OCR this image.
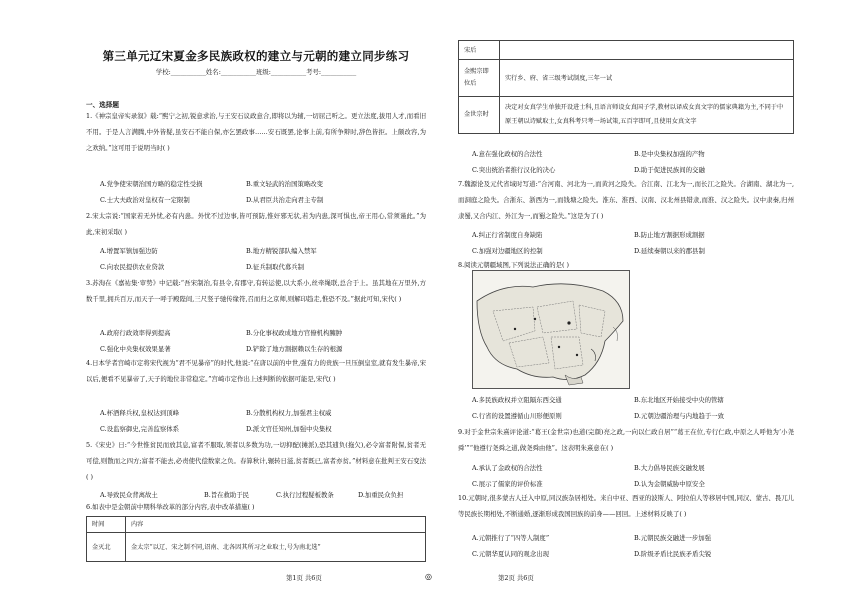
第三单元辽宋夏金多民族政权的建立与元朝的建立同步练习
学校:___________姓名:___________班级:___________考号:___________
一、选择题
1.《神宗皇帝实录叙》载:“熙宁之初,锐意求治,与王安石议政意合,即将以为辅,一切屈己听之。更立法度,拔用人才,而看旧不用。于是人言满腾,中外皆疑,虽安石不能自保,亦乞罢政事……安石既罢,论事上前,有所争辩时,辞色皆拒。上颇改容,为之欢纳。”这可用于说明当时( )
A.党争使宋朝治国方略的稳定性受损	B.重文轻武的治国策略改变
C.士大夫政治对皇权有一定限制	D.从君臣共治走向君主专制
2.宋太宗说:“国家若无外忧,必有内患。外忧不过边事,皆可预防,惟奸邪无状,若为内患,深可惧也,帝王用心,常须谨此。”为此,宋初采取( )
A.增置军镇加强边防	B.地方精锐部队编入禁军
C.向农民提供农业贷款	D.征兵制取代募兵制
3.苏洵在《嘉祐集·审势》中记载:“吾宋制治,有县令,有郡守,有转运使,以大系小,丝牵绳联,总合于上。虽其地在万里外,方数千里,拥兵百万,而天子一呼于殿陛间,三尺竖子驰传缘符,召而归之京师,则解印趋走,惟恐不及。”据此可知,宋代( )
A.政府行政效率得到提高	B.分化事权政成地方官僚机构臃肿
C.强化中央集权效果显著	D.铲除了地方割据赖以生存的根源
4.日本学者宫崎市定将宋代视为“君不见暴帝”的时代,他说:“在唐以前的中世,强有力的贵族一旦压倒皇室,就有发生暴帝,宋以后,便看不见暴帝了,天子的地位非常稳定。”宫崎市定作出上述判断的依据可能是,宋代( )
A.杯酒释兵权,皇权达到顶峰	B.分散机构权力,加强君主权威
C.设监察御史,完善监察体系	D.派文官任知州,加强中央集权
5.《宋史》日:“今世惟贫民而放其息,富者不服取,领者以多数为功,一切抑配(摊派),恐其逋负(拖欠),必令富者附保,贫者无可偿,则散而之四方;富者不能去,必责使代偿数家之负。春算秋计,辗转日滋,贫者既已,富者亦贫。”材料意在批判王安石变法( )
A.导致民众背离故土	B.旨在救助于民	C.执行过程疑板教条	D.加重民众负担
6.如表中是金朝前中期科举改革的部分内容,表中改革措施( )
时间	内容
金灭北	金太宗“以辽、宋之制不同,诏南、北各因其所习之业取士,号为南北选”
第1页 共6页	◎
宋后	
金熙宗即位后	实行乡、府、省三级考试制度,三年一试
金世宗时	决定对女真学生单独开设进士科,且语言师设女真国子学,教材以译成女真文字的儒家典籍为主,不同于中原王朝以诗赋取士,女真科考只考一场试策,五百字即可,且使用女真文字
A.意在强化政权的合法性	B.是中央集权加强的产物
C.突出统治者推行汉化的决心	D.助于促进民族间的交融
7.魏源论及元代省域时写道:“合河南、河北为一,而黄河之险失。合江南、江北为一,而长江之险失。合湖南、湖北为一,而洞庭之险失。合浙东、浙西为一,而钱塘之险失。淮东、淮西、汉南、汉北州县错隶,而淮、汉之险失。汉中隶秦,归州隶蜀,又合内江、外江为一,而蜀之险失。”这是为了( )
A.纠正行省制度自身缺陷	B.防止地方割据形成割据
C.加强对边疆地区的控制	D.延续秦朝以来的郡县制
8.阅读元朝疆域图,下列说法正确的是( )
A.多民族政权并立阻隔东西交通	B.东北地区开始接受中央的管辖
C.行省的设置遵循山川形便原则	D.元朝边疆治理与内地趋于一致
9.对于金世宗朱熹评论道:“葛王(金世宗)也道(完颜)亮之政,一向以仁政自居”“葛王在位,专行仁政,中原之人呼他为‘小尧舜’”“他遵行尧舜之道,做尧舜由他”。这表明朱熹意在( )
A.承认了金政权的合法性	B.大力倡导民族交融发展
C.展示了儒家的评价标准	D.认为金朝威胁中原安全
10.元朝时,很多蒙古人迁入中原,同汉族杂居相处。来自中亚、西亚的波斯人、阿拉伯人等移居中国,同汉、蒙古、畏兀儿等民族长期相处,不断通婚,逐渐形成我国回族的前身——回回。上述材料反映了( )
A.元朝推行了“四等人制度”	B.元朝民族交融进一步加强
C.元朝华夏认同的观念出现	D.阶级矛盾比民族矛盾尖锐
第2页 共6页
